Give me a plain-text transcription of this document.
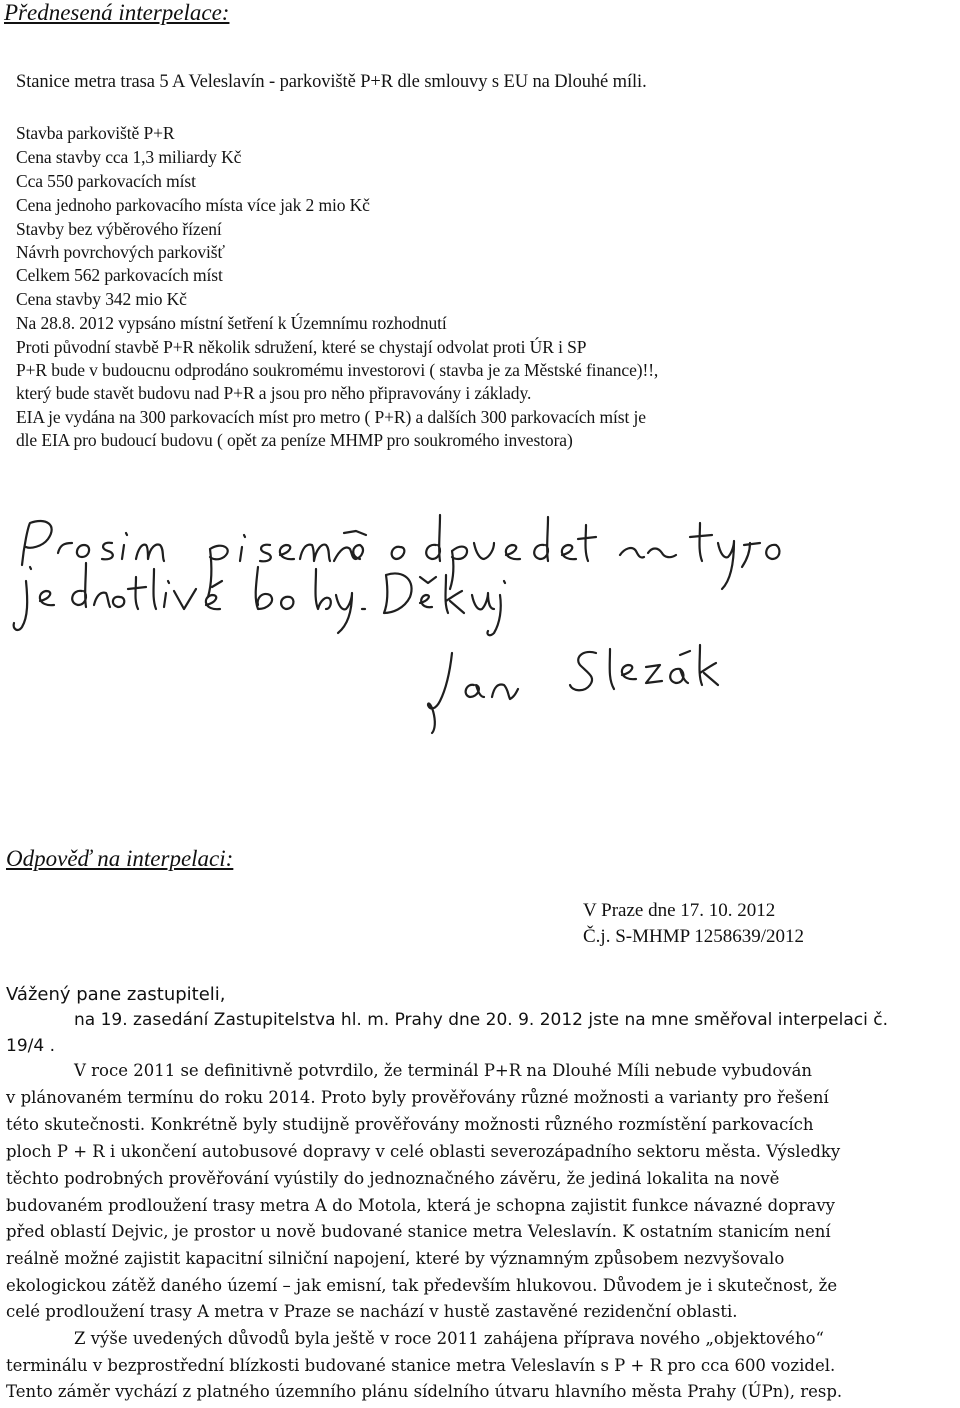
Přednesená interpelace:
Stanice metra trasa 5 A Veleslavín - parkoviště P+R dle smlouvy s EU na Dlouhé míli.
Stavba parkoviště P+R
Cena stavby cca 1,3 miliardy Kč
Cca 550 parkovacích míst
Cena jednoho parkovacího místa více jak 2 mio Kč
Stavby bez výběrového řízení
Návrh povrchových parkovišť
Celkem 562 parkovacích míst
Cena stavby 342 mio Kč
Na 28.8. 2012 vypsáno místní šetření k Územnímu rozhodnutí
Proti původní stavbě P+R několik sdružení, které se chystají odvolat proti ÚR i SP
P+R bude v budoucnu odprodáno soukromému investorovi ( stavba je za Městské finance)!!,
který bude stavět budovu nad P+R a jsou pro něho připravovány i základy.
EIA je vydána na 300 parkovacích míst pro metro ( P+R) a dalších 300 parkovacích míst je
dle EIA pro budoucí budovu ( opět za peníze MHMP pro soukromého investora)
Odpověď na interpelaci:
V Praze dne 17. 10. 2012
Č.j. S-MHMP 1258639/2012
Vážený pane zastupiteli,
na 19. zasedání Zastupitelstva hl. m. Prahy dne 20. 9. 2012 jste na mne směřoval interpelaci č.
19/4 .
V roce 2011 se definitivně potvrdilo, že terminál P+R na Dlouhé Míli nebude vybudován
v plánovaném termínu do roku 2014. Proto byly prověřovány různé možnosti a varianty pro řešení
této skutečnosti. Konkrétně byly studijně prověřovány možnosti různého rozmístění parkovacích
ploch P + R i ukončení autobusové dopravy v celé oblasti severozápadního sektoru města. Výsledky
těchto podrobných prověřování vyústily do jednoznačného závěru, že jediná lokalita na nově
budovaném prodloužení trasy metra A do Motola, která je schopna zajistit funkce návazné dopravy
před oblastí Dejvic, je prostor u nově budované stanice metra Veleslavín. K ostatním stanicím není
reálně možné zajistit kapacitní silniční napojení, které by významným způsobem nezvyšovalo
ekologickou zátěž daného území – jak emisní, tak především hlukovou. Důvodem je i skutečnost, že
celé prodloužení trasy A metra v Praze se nachází v hustě zastavěné rezidenční oblasti.
Z výše uvedených důvodů byla ještě v roce 2011 zahájena příprava nového „objektového“
terminálu v bezprostřední blízkosti budované stanice metra Veleslavín s P + R pro cca 600 vozidel.
Tento záměr vychází z platného územního plánu sídelního útvaru hlavního města Prahy (ÚPn), resp.
